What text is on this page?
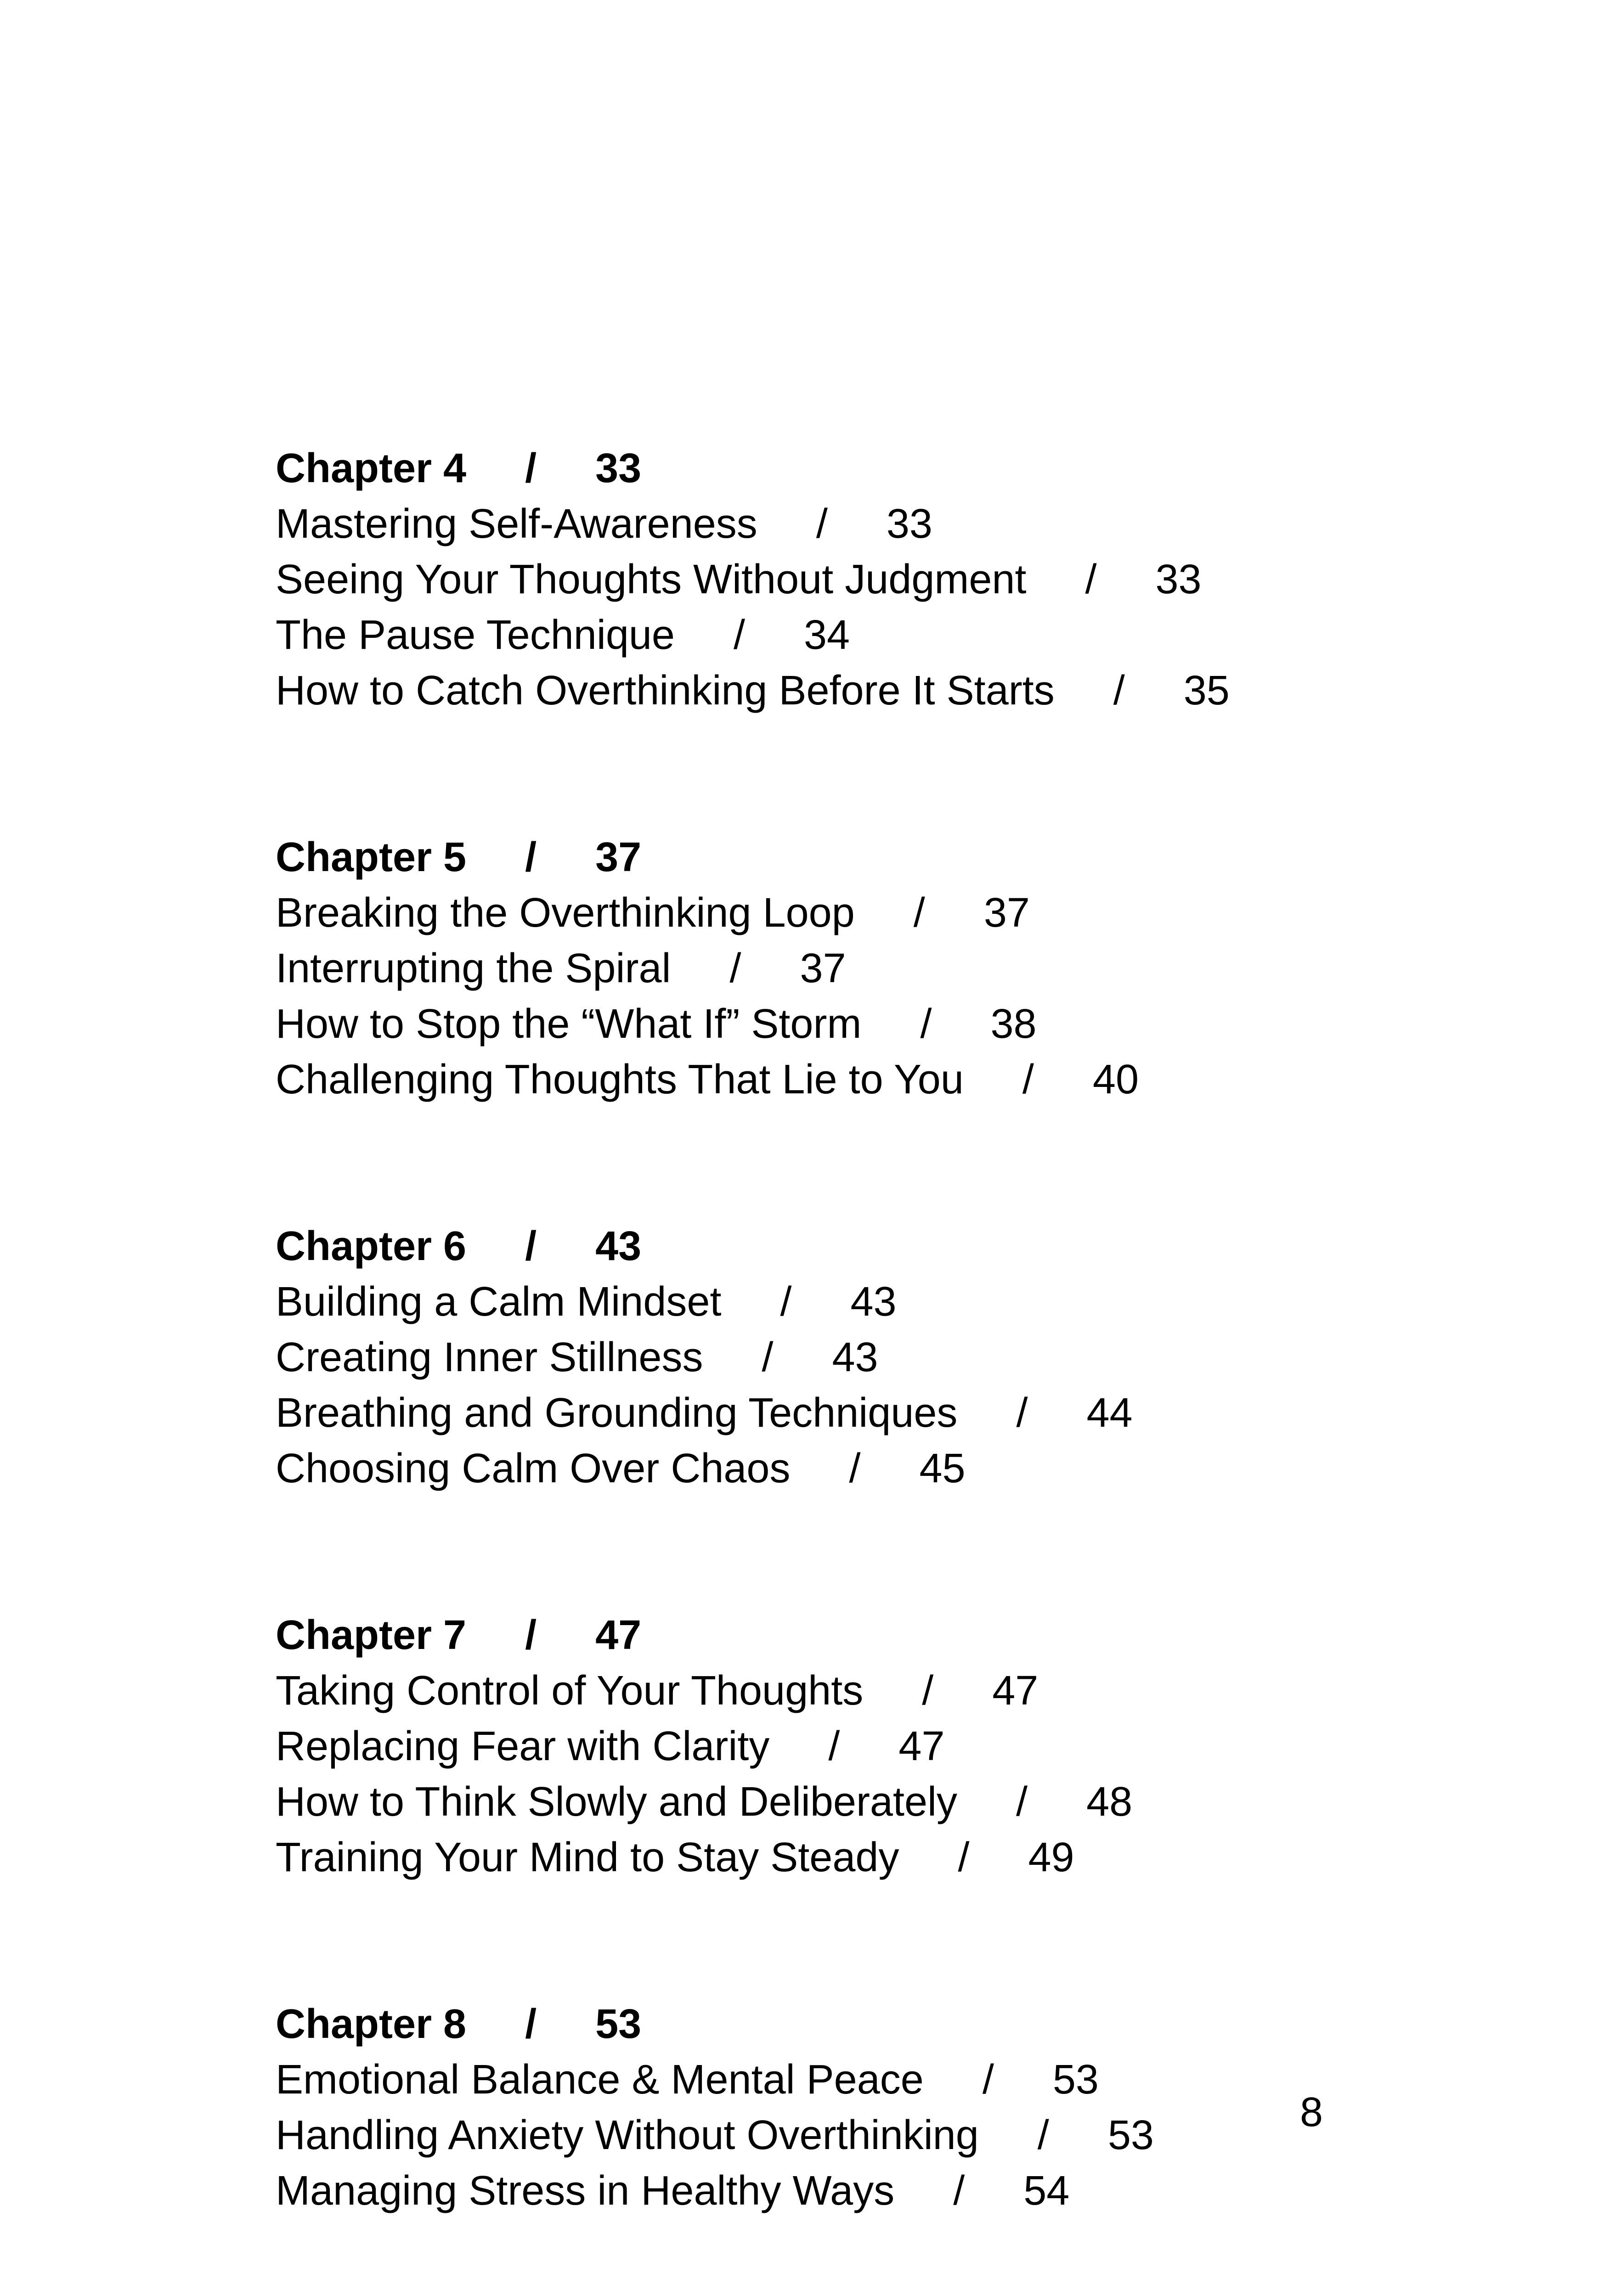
Chapter 4 / 33
Mastering Self-Awareness / 33
Seeing Your Thoughts Without Judgment / 33
The Pause Technique / 34
How to Catch Overthinking Before It Starts / 35
Chapter 5 / 37
Breaking the Overthinking Loop / 37
Interrupting the Spiral / 37
How to Stop the “What If” Storm / 38
Challenging Thoughts That Lie to You / 40
Chapter 6 / 43
Building a Calm Mindset / 43
Creating Inner Stillness / 43
Breathing and Grounding Techniques / 44
Choosing Calm Over Chaos / 45
Chapter 7 / 47
Taking Control of Your Thoughts / 47
Replacing Fear with Clarity / 47
How to Think Slowly and Deliberately / 48
Training Your Mind to Stay Steady / 49
Chapter 8 / 53
Emotional Balance & Mental Peace / 53
Handling Anxiety Without Overthinking / 53
Managing Stress in Healthy Ways / 54
8
